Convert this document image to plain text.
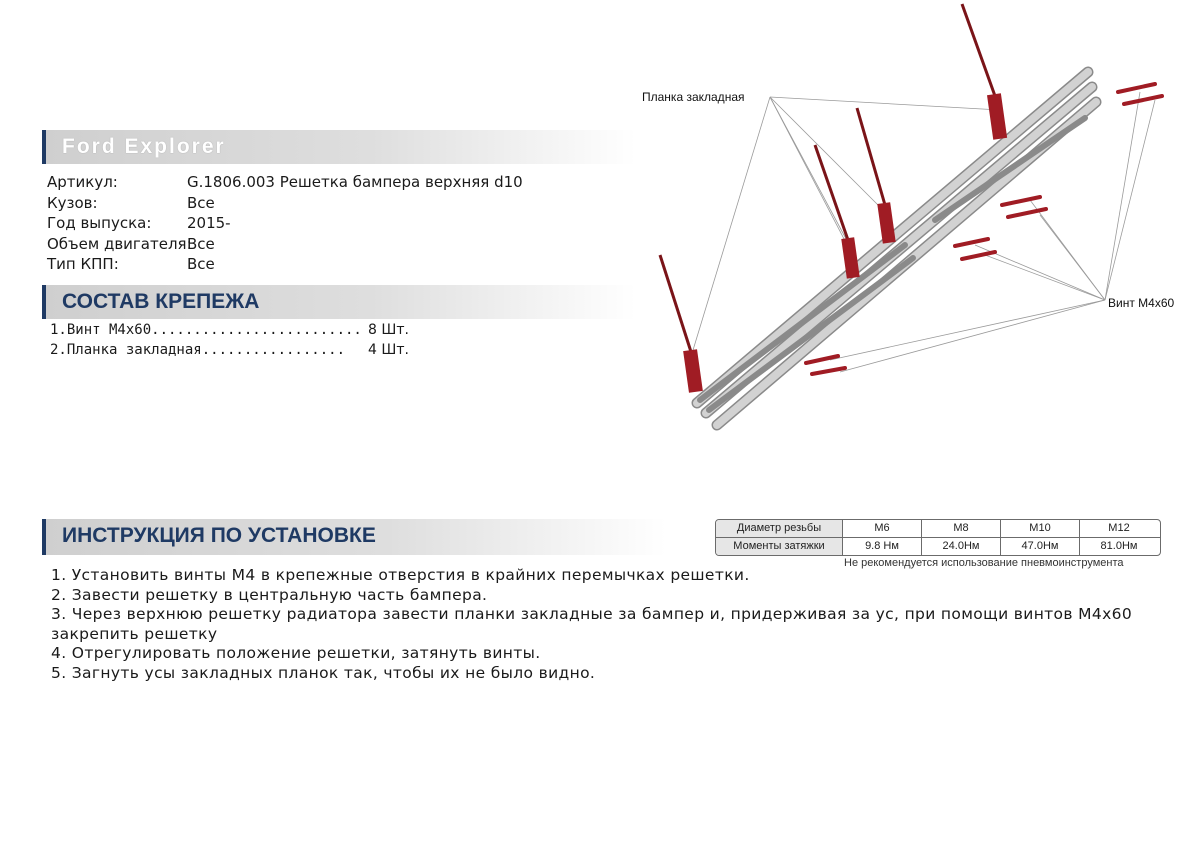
Ford Explorer
Артикул:	G.1806.003 Решетка бампера верхняя d10
Кузов:	Все
Год выпуска: 2015-
Объем двигателя:
Все
Тип КПП:	Все
СОСТАВ КРЕПЕЖА
1.Винт М4х60......................... 8 Шт.
2.Планка закладная................. 4 Шт.
Планка закладная
Винт М4х60
ИНСТРУКЦИЯ ПО УСТАНОВКЕ	Диаметр резьбы	М6	М8	М10	М12
Моменты затяжки	9.8 Нм	24.0Нм	47.0Нм	81.0Нм
Не рекомендуется использование пневмоинструмента
1. Установить винты М4 в крепежные отверстия в крайних перемычках решетки.
2. Завести решетку в центральную часть бампера.
3. Через верхнюю решетку радиатора завести планки закладные за бампер и, придерживая за ус, при помощи винтов М4х60 закрепить решетку
4. Отрегулировать положение решетки, затянуть винты.
5. Загнуть усы закладных планок так, чтобы их не было видно.
